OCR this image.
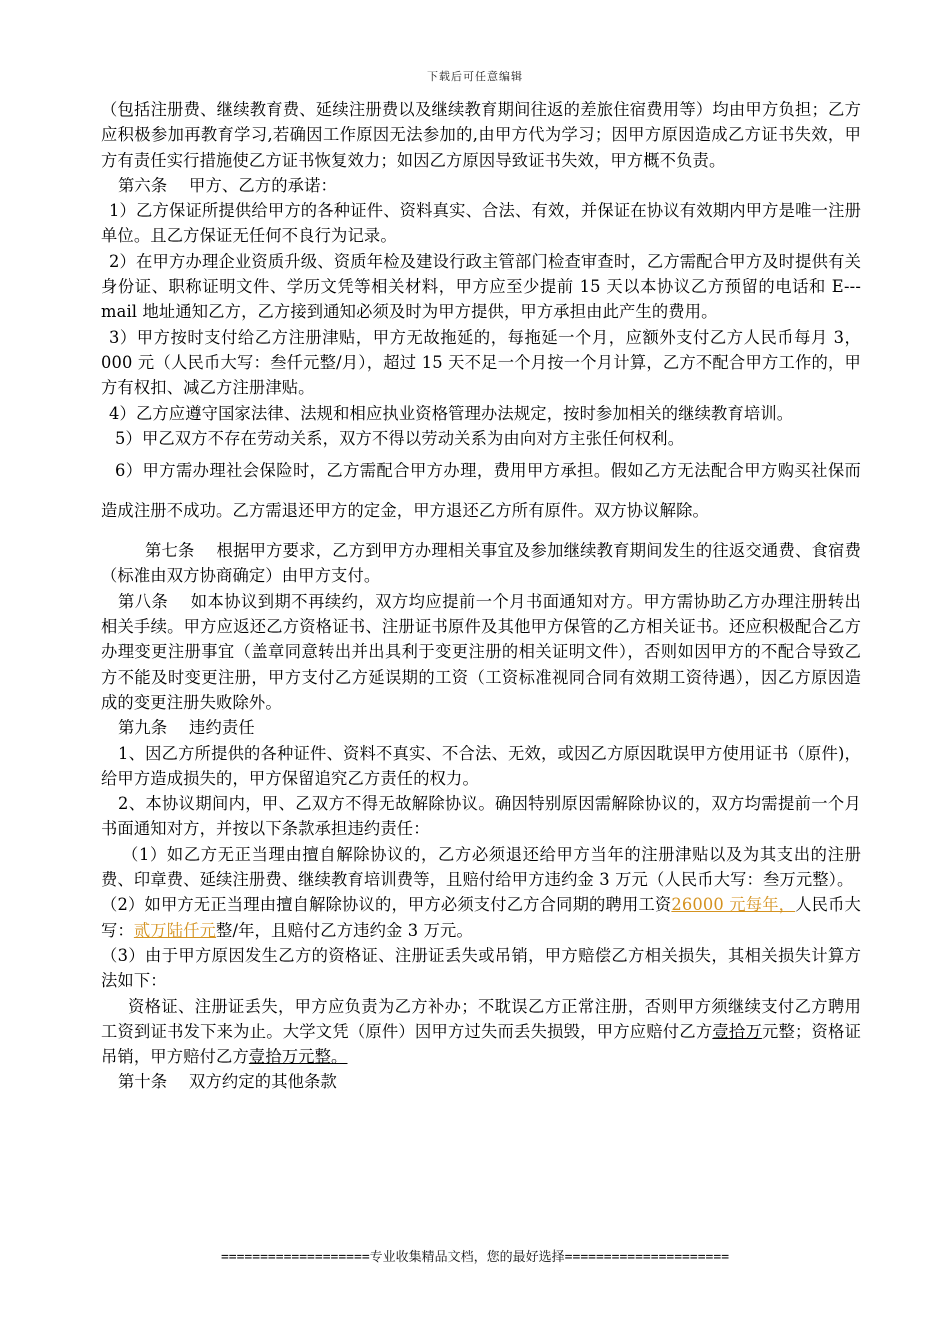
下载后可任意编辑

（包括注册费、继续教育费、延续注册费以及继续教育期间往返的差旅住宿费用等）均由甲方负担；乙方应积极参加再教育学习,若确因工作原因无法参加的,由甲方代为学习；因甲方原因造成乙方证书失效，甲方有责任实行措施使乙方证书恢复效力；如因乙方原因导致证书失效，甲方概不负责。

第六条　 甲方、乙方的承诺：

1）乙方保证所提供给甲方的各种证件、资料真实、合法、有效，并保证在协议有效期内甲方是唯一注册单位。且乙方保证无任何不良行为记录。

2）在甲方办理企业资质升级、资质年检及建设行政主管部门检查审查时，乙方需配合甲方及时提供有关身份证、职称证明文件、学历文凭等相关材料，甲方应至少提前 15 天以本协议乙方预留的电话和 E---mail 地址通知乙方，乙方接到通知必须及时为甲方提供，甲方承担由此产生的费用。

3）甲方按时支付给乙方注册津贴，甲方无故拖延的，每拖延一个月，应额外支付乙方人民币每月 3，000 元（人民币大写：叁仟元整/月），超过 15 天不足一个月按一个月计算，乙方不配合甲方工作的，甲方有权扣、减乙方注册津贴。

4）乙方应遵守国家法律、法规和相应执业资格管理办法规定，按时参加相关的继续教育培训。

5）甲乙双方不存在劳动关系，双方不得以劳动关系为由向对方主张任何权利。

6）甲方需办理社会保险时，乙方需配合甲方办理，费用甲方承担。假如乙方无法配合甲方购买社保而造成注册不成功。乙方需退还甲方的定金，甲方退还乙方所有原件。双方协议解除。

第七条　 根据甲方要求，乙方到甲方办理相关事宜及参加继续教育期间发生的往返交通费、食宿费（标准由双方协商确定）由甲方支付。

第八条　 如本协议到期不再续约，双方均应提前一个月书面通知对方。甲方需协助乙方办理注册转出相关手续。甲方应返还乙方资格证书、注册证书原件及其他甲方保管的乙方相关证书。还应积极配合乙方办理变更注册事宜（盖章同意转出并出具利于变更注册的相关证明文件），否则如因甲方的不配合导致乙方不能及时变更注册，甲方支付乙方延误期的工资（工资标准视同合同有效期工资待遇），因乙方原因造成的变更注册失败除外。

第九条　 违约责任

1、因乙方所提供的各种证件、资料不真实、不合法、无效，或因乙方原因耽误甲方使用证书（原件)，给甲方造成损失的，甲方保留追究乙方责任的权力。

2、本协议期间内，甲、乙双方不得无故解除协议。确因特别原因需解除协议的，双方均需提前一个月书面通知对方，并按以下条款承担违约责任：

（1）如乙方无正当理由擅自解除协议的，乙方必须退还给甲方当年的注册津贴以及为其支出的注册费、印章费、延续注册费、继续教育培训费等，且赔付给甲方违约金 3 万元（人民币大写：叁万元整）。

（2）如甲方无正当理由擅自解除协议的，甲方必须支付乙方合同期的聘用工资26000 元每年，人民币大写：贰万陆仟元整/年，且赔付乙方违约金 3 万元。

（3）由于甲方原因发生乙方的资格证、注册证丢失或吊销，甲方赔偿乙方相关损失，其相关损失计算方法如下：

资格证、注册证丢失，甲方应负责为乙方补办；不耽误乙方正常注册，否则甲方须继续支付乙方聘用工资到证书发下来为止。大学文凭（原件）因甲方过失而丢失损毁，甲方应赔付乙方壹拾万元整；资格证吊销，甲方赔付乙方壹拾万元整。

第十条　 双方约定的其他条款

===================专业收集精品文档，您的最好选择=====================
